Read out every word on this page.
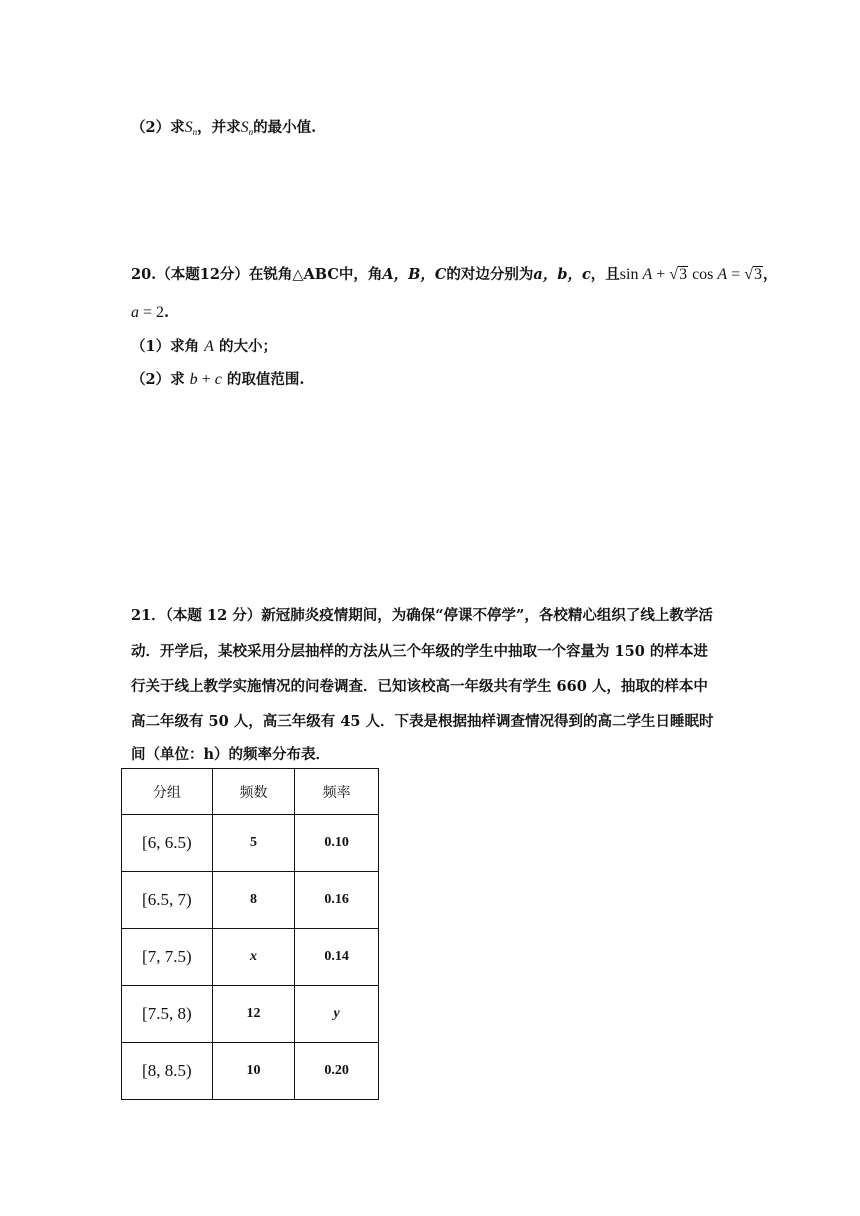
（2）求$S_n$，并求$S_n$的最小值.
20.（本题12分）在锐角△ABC中，角A，B，C的对边分别为a，b，c，且sin A + √3 cos A = √3，
a = 2.
（1）求角 A 的大小；
（2）求 b + c 的取值范围.
21．（本题 12 分）新冠肺炎疫情期间，为确保“停课不停学”，各校精心组织了线上教学活
动．开学后，某校采用分层抽样的方法从三个年级的学生中抽取一个容量为 150 的样本进
行关于线上教学实施情况的问卷调查．已知该校高一年级共有学生 660 人，抽取的样本中
高二年级有 50 人，高三年级有 45 人．下表是根据抽样调查情况得到的高二学生日睡眠时
间（单位：h）的频率分布表．
分组	频数	频率
[6, 6.5)	5	0.10
[6.5, 7)	8	0.16
[7, 7.5)	x	0.14
[7.5, 8)	12	y
[8, 8.5)	10	0.20
